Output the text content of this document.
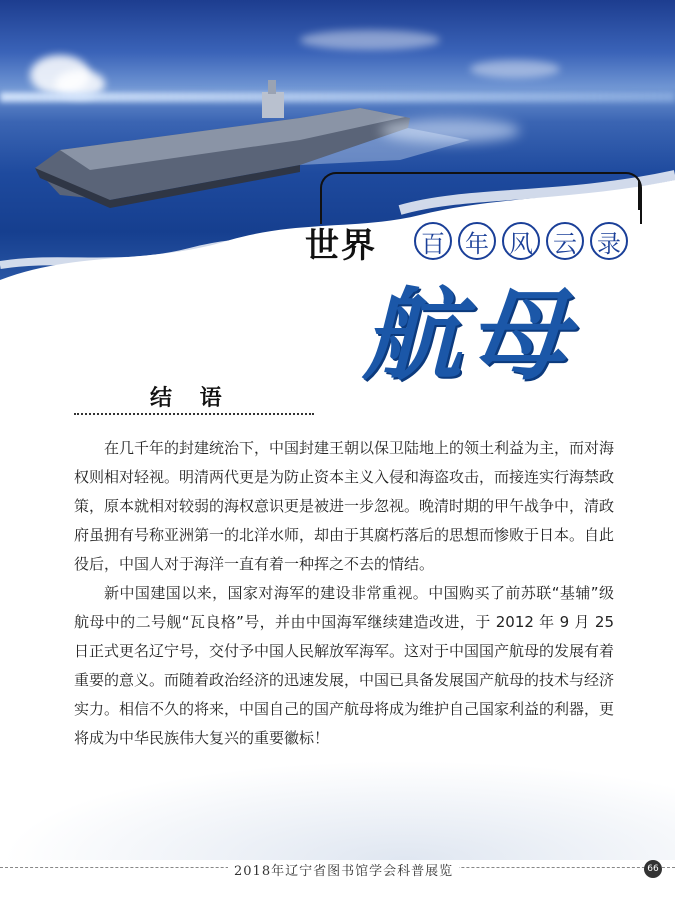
世界 百 年 风 云 录
航母
结 语

在几千年的封建统治下，中国封建王朝以保卫陆地上的领土利益为主，而对海权则相对轻视。明清两代更是为防止资本主义入侵和海盗攻击，而接连实行海禁政策，原本就相对较弱的海权意识更是被进一步忽视。晚清时期的甲午战争中，清政府虽拥有号称亚洲第一的北洋水师，却由于其腐朽落后的思想而惨败于日本。自此役后，中国人对于海洋一直有着一种挥之不去的情结。

新中国建国以来，国家对海军的建设非常重视。中国购买了前苏联“基辅”级航母中的二号舰“瓦良格”号，并由中国海军继续建造改进，于 2012 年 9 月 25 日正式更名辽宁号，交付予中国人民解放军海军。这对于中国国产航母的发展有着重要的意义。而随着政治经济的迅速发展，中国已具备发展国产航母的技术与经济实力。相信不久的将来，中国自己的国产航母将成为维护自己国家利益的利器，更将成为中华民族伟大复兴的重要徽标！

2018年辽宁省图书馆学会科普展览	66
